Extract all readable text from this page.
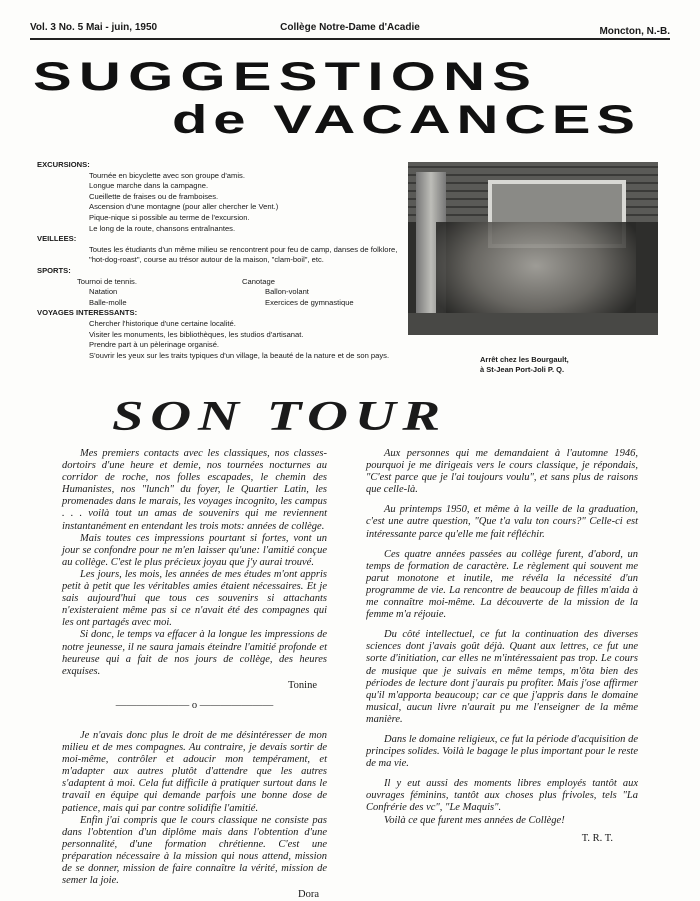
Vol. 3 No. 5 Mai - juin, 1950	Collège Notre-Dame d'Acadie	Moncton, N.-B.
SUGGESTIONS
de VACANCES
EXCURSIONS:
Tournée en bicyclette avec son groupe d'amis.
Longue marche dans la campagne.
Cueillette de fraises ou de framboises.
Ascension d'une montagne (pour aller chercher le Vent.)
Pique-nique si possible au terme de l'excursion.
Le long de la route, chansons entraînantes.
VEILLEES:
Toutes les étudiants d'un même milieu se rencontrent pour feu de camp, danses de folklore, "hot-dog-roast", course au trésor autour de la maison, "clam-boil", etc.
SPORTS:
Tournoi de tennis.	Canotage
Natation	Ballon-volant
Balle-molle	Exercices de gymnastique
VOYAGES INTERESSANTS:
Chercher l'historique d'une certaine localité.
Visiter les monuments, les bibliothèques, les studios d'artisanat.
Prendre part à un pèlerinage organisé.
S'ouvrir les yeux sur les traits typiques d'un village, la beauté de la nature et de son pays.	Arrêt chez les Bourgault,
à St-Jean Port-Joli P. Q.
SON TOUR

Mes premiers contacts avec les classiques, nos classes-dortoirs d'une heure et demie, nos tournées nocturnes au corridor de roche, nos folles escapades, le chemin des Humanistes, nos "lunch" du foyer, le Quartier Latin, les promenades dans le marais, les voyages incognito, les campus . . . voilà tout un amas de souvenirs qui me reviennent instantanément en entendant les trois mots: années de collège.

Mais toutes ces impressions pourtant si fortes, vont un jour se confondre pour ne m'en laisser qu'une: l'amitié conçue au collège. C'est le plus précieux joyau que j'y aurai trouvé.

Les jours, les mois, les années de mes études m'ont appris petit à petit que les véritables amies étaient nécessaires. Et je sais aujourd'hui que tous ces souvenirs si attachants n'existeraient même pas si ce n'avait été des compagnes qui les ont partagés avec moi.

Si donc, le temps va effacer à la longue les impressions de notre jeunesse, il ne saura jamais éteindre l'amitié profonde et heureuse qui a fait de nos jours de collège, des heures exquises.

Tonine
——————— o ———————

Je n'avais donc plus le droit de me désintéresser de mon milieu et de mes compagnes. Au contraire, je devais sortir de moi-même, contrôler et adoucir mon tempérament, et m'adapter aux autres plutôt d'attendre que les autres s'adaptent à moi. Cela fut difficile à pratiquer surtout dans le travail en équipe qui demande parfois une bonne dose de patience, mais qui par contre solidifie l'amitié.

Enfin j'ai compris que le cours classique ne consiste pas dans l'obtention d'un diplôme mais dans l'obtention d'une personnalité, d'une formation chrétienne. C'est une préparation nécessaire à la mission qui nous attend, mission de se donner, mission de faire connaître la vérité, mission de semer la joie.

Dora

Aux personnes qui me demandaient à l'automne 1946, pourquoi je me dirigeais vers le cours classique, je répondais, "C'est parce que je l'ai toujours voulu", et sans plus de raisons que celle-là.

Au printemps 1950, et même à la veille de la graduation, c'est une autre question, "Que t'a valu ton cours?" Celle-ci est intéressante parce qu'elle me fait réfléchir.

Ces quatre années passées au collège furent, d'abord, un temps de formation de caractère. Le règlement qui souvent me parut monotone et inutile, me révéla la nécessité d'un programme de vie. La rencontre de beaucoup de filles m'aida à me connaître moi-même. La découverte de la mission de la femme m'a réjouie.

Du côté intellectuel, ce fut la continuation des diverses sciences dont j'avais goût déjà. Quant aux lettres, ce fut une sorte d'initiation, car elles ne m'intéressaient pas trop. Le cours de musique que je suivais en même temps, m'ôta bien des périodes de lecture dont j'aurais pu profiter. Mais j'ose affirmer qu'il m'apporta beaucoup; car ce que j'appris dans le domaine musical, aucun livre n'aurait pu me l'enseigner de la même manière.

Dans le domaine religieux, ce fut la période d'acquisition de principes solides. Voilà le bagage le plus important pour le reste de ma vie.

Il y eut aussi des moments libres employés tantôt aux ouvrages féminins, tantôt aux choses plus frivoles, tels "La Confrérie des vc", "Le Maquis".

Voilà ce que furent mes années de Collège!

T. R. T.
